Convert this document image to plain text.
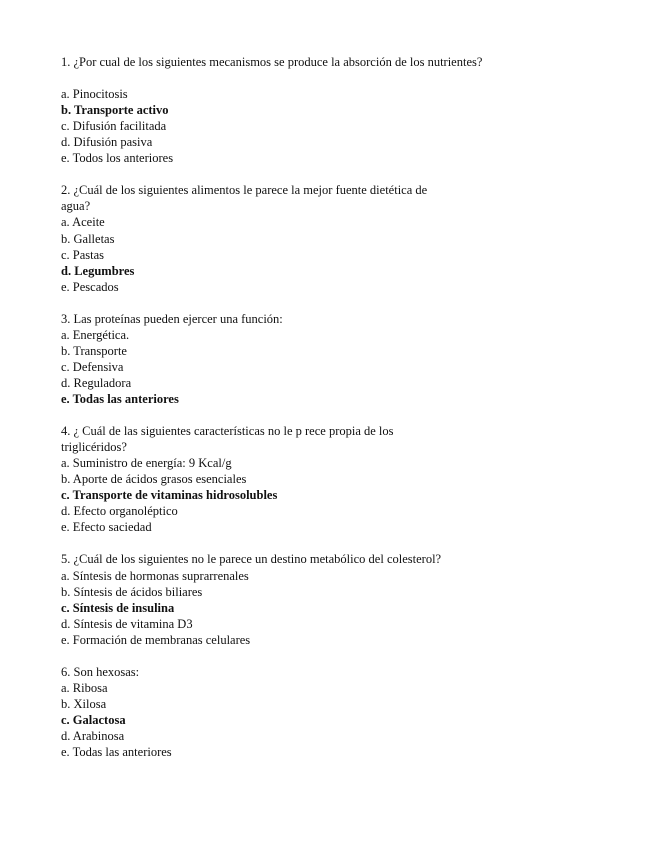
1. ¿Por cual de los siguientes mecanismos se produce la absorción de los nutrientes?
a. Pinocitosis
b. Transporte activo
c. Difusión facilitada
d. Difusión pasiva
e. Todos los anteriores
2. ¿Cuál de los siguientes alimentos le parece la mejor fuente dietética de
agua?
a. Aceite
b. Galletas
c. Pastas
d. Legumbres
e. Pescados
3. Las proteínas pueden ejercer una función:
a. Energética.
b. Transporte
c. Defensiva
d. Reguladora
e. Todas las anteriores
4. ¿ Cuál de las siguientes características no le p rece propia de los
triglicéridos?
a. Suministro de energía: 9 Kcal/g
b. Aporte de ácidos grasos esenciales
c. Transporte de vitaminas hidrosolubles
d. Efecto organoléptico
e. Efecto saciedad
5. ¿Cuál de los siguientes no le parece un destino metabólico del colesterol?
a. Síntesis de hormonas suprarrenales
b. Síntesis de ácidos biliares
c. Síntesis de insulina
d. Síntesis de vitamina D3
e. Formación de membranas celulares
6. Son hexosas:
a. Ribosa
b. Xilosa
c. Galactosa
d. Arabinosa
e. Todas las anteriores
